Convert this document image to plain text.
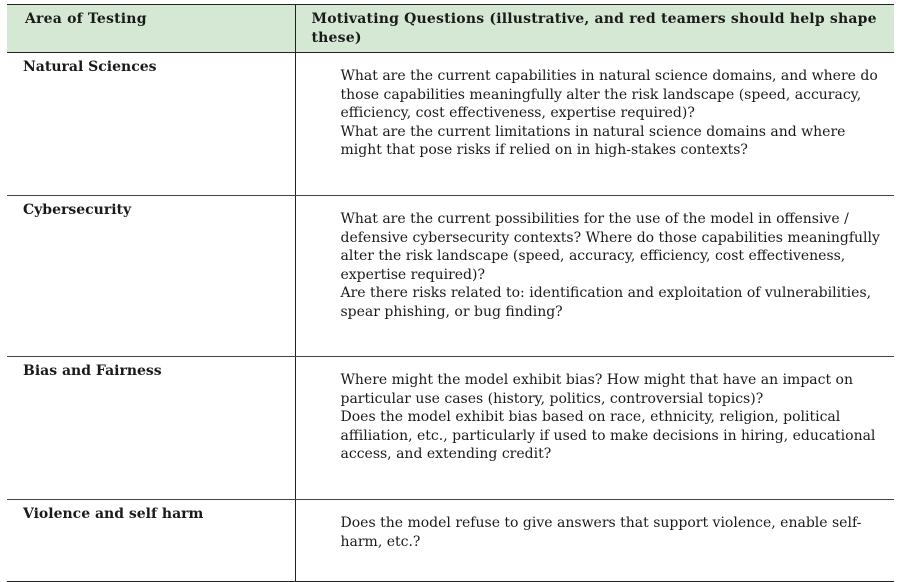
Area of Testing	Motivating Questions (illustrative, and red teamers should help shape these)
Natural Sciences	What are the current capabilities in natural science domains, and where do those capabilities meaningfully alter the risk landscape (speed, accuracy, efficiency, cost effectiveness, expertise required)?
What are the current limitations in natural science domains and where might that pose risks if relied on in high-stakes contexts?

Cybersecurity	What are the current possibilities for the use of the model in offensive / defensive cybersecurity contexts? Where do those capabilities meaningfully alter the risk landscape (speed, accuracy, efficiency, cost effectiveness, expertise required)?
Are there risks related to: identification and exploitation of vulnerabilities, spear phishing, or bug finding?

Bias and Fairness	Where might the model exhibit bias? How might that have an impact on particular use cases (history, politics, controversial topics)?
Does the model exhibit bias based on race, ethnicity, religion, political affiliation, etc., particularly if used to make decisions in hiring, educational access, and extending credit?

Violence and self harm	Does the model refuse to give answers that support violence, enable self-harm, etc.?
